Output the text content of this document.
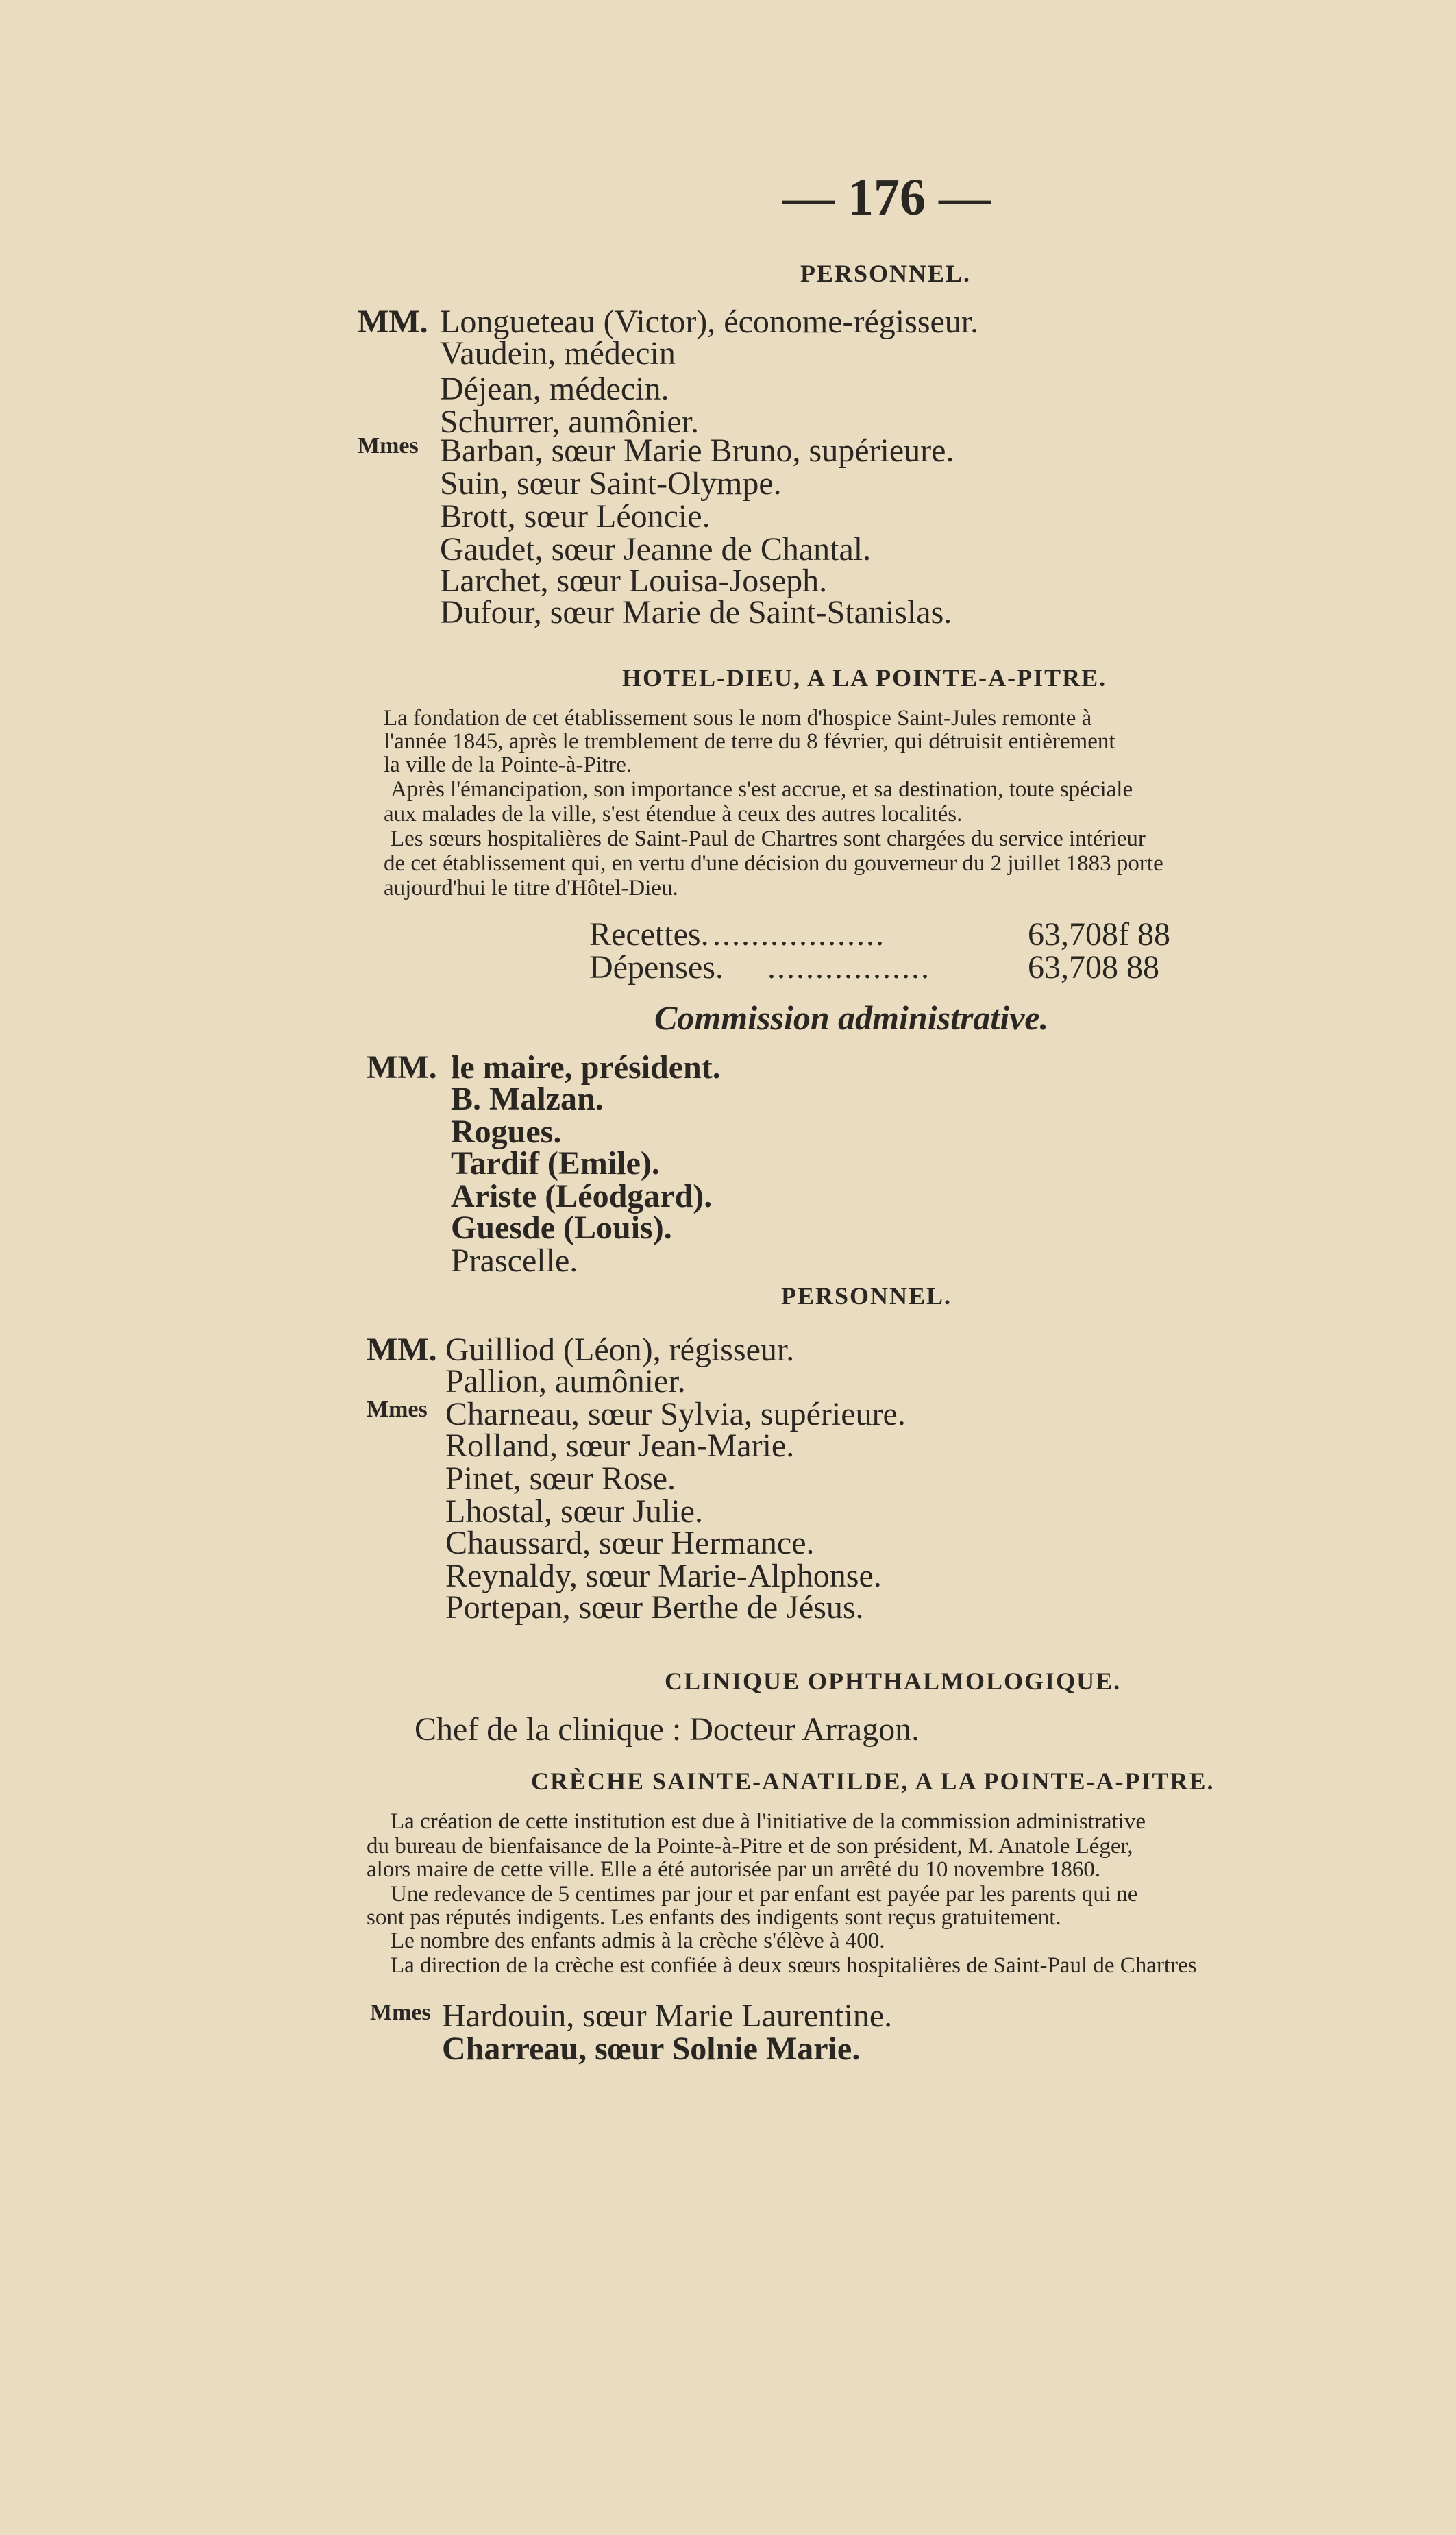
— 176 —
PERSONNEL.
MM. Longueteau (Victor), économe-régisseur.
Vaudein, médecin
Déjean, médecin.
Schurrer, aumônier.
Mmes Barban, sœur Marie Bruno, supérieure.
Suin, sœur Saint-Olympe.
Brott, sœur Léoncie.
Gaudet, sœur Jeanne de Chantal.
Larchet, sœur Louisa-Joseph.
Dufour, sœur Marie de Saint-Stanislas.
HOTEL-DIEU, A LA POINTE-A-PITRE.
La fondation de cet établissement sous le nom d'hospice Saint-Jules remonte à
l'année 1845, après le tremblement de terre du 8 février, qui détruisit entièrement
la ville de la Pointe-à-Pitre.
Après l'émancipation, son importance s'est accrue, et sa destination, toute spéciale
aux malades de la ville, s'est étendue à ceux des autres localités.
Les sœurs hospitalières de Saint-Paul de Chartres sont chargées du service intérieur
de cet établissement qui, en vertu d'une décision du gouverneur du 2 juillet 1883 porte
aujourd'hui le titre d'Hôtel-Dieu.
Recettes. ..................	63,708f 88
Dépenses. .................	63,708 88
Commission administrative.
MM. le maire, président.
B. Malzan.
Rogues.
Tardif (Emile).
Ariste (Léodgard).
Guesde (Louis).
Prascelle.
PERSONNEL.
MM. Guilliod (Léon), régisseur.
Pallion, aumônier.
Mmes Charneau, sœur Sylvia, supérieure.
Rolland, sœur Jean-Marie.
Pinet, sœur Rose.
Lhostal, sœur Julie.
Chaussard, sœur Hermance.
Reynaldy, sœur Marie-Alphonse.
Portepan, sœur Berthe de Jésus.
CLINIQUE OPHTHALMOLOGIQUE.
Chef de la clinique : Docteur Arragon.
CRÈCHE SAINTE-ANATILDE, A LA POINTE-A-PITRE.
La création de cette institution est due à l'initiative de la commission administrative
du bureau de bienfaisance de la Pointe-à-Pitre et de son président, M. Anatole Léger,
alors maire de cette ville. Elle a été autorisée par un arrêté du 10 novembre 1860.
Une redevance de 5 centimes par jour et par enfant est payée par les parents qui ne
sont pas réputés indigents. Les enfants des indigents sont reçus gratuitement.
Le nombre des enfants admis à la crèche s'élève à 400.
La direction de la crèche est confiée à deux sœurs hospitalières de Saint-Paul de Chartres
Mmes Hardouin, sœur Marie Laurentine.
Charreau, sœur Solnie Marie.
